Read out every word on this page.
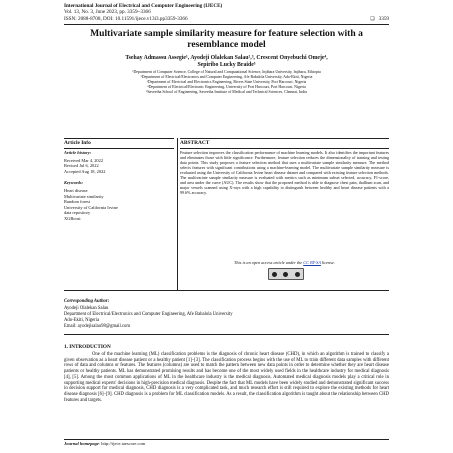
International Journal of Electrical and Computer Engineering (IJECE)
Vol. 13, No. 3, June 2023, pp. 3359~3366
ISSN: 2088-8708, DOI: 10.11591/ijece.v13i3.pp3359-3366	❏ 3359
Multivariate sample similarity measure for feature selection with a resemblance model
Tsehay Admassu Assegie¹, Ayodeji Olalekan Salau²,³, Crescent Onyebuchi Omeje⁴,
Sepiribo Lucky Braide⁵
¹Department of Computer Science, College of Natural and Computational Science, Injibara University, Injibara, Ethiopia
²Department of Electrical/Electronics and Computer Engineering, Afe Babalola University, Ado-Ekiti, Nigeria
³Department of Electrical and Electronics Engineering, Rivers State University, Port Harcourt, Nigeria
⁴Department of Electrical/Electronic Engineering, University of Port Harcourt, Port Harcourt, Nigeria
⁵Saveetha School of Engineering, Saveetha Institute of Medical and Technical Sciences, Chennai, India
Article Info	ABSTRACT
Article history:
Received Mar 4, 2022
Revised Jul 6, 2022
Accepted Aug 18, 2022
Keywords:
Heart disease
Multivariate similarity
Random forest
University of California Irvine
data repository
XGBoost
Feature selection improves the classification performance of machine learning models. It also identifies the important features and eliminates those with little significance. Furthermore, feature selection reduces the dimensionality of training and testing data points. This study proposes a feature selection method that uses a multivariate sample similarity measure. The method selects features with significant contributions using a machine-learning model. The multivariate sample similarity measure is evaluated using the University of California Irvine heart disease dataset and compared with existing feature selection methods. The multivariate sample similarity measure is evaluated with metrics such as minimum subset selected, accuracy, F1-score, and area under the curve (AUC). The results show that the proposed method is able to diagnose chest pain, thallium scan, and major vessels scanned using X-rays with a high capability to distinguish between healthy and heart disease patients with a 99.6% accuracy.
This is an open access article under the CC BY-SA license.
Corresponding Author:
Ayodeji Olalekan Salau
Department of Electrical/Electronics and Computer Engineering, Afe Babalola University
Ado-Ekiti, Nigeria
Email: ayodejisalau98@gmail.com
1. INTRODUCTION
One of the machine learning (ML) classification problems is the diagnosis of chronic heart disease (CHD), in which an algorithm is trained to classify a given observation as a heart disease patient or a healthy patient [1]–[3]. The classification process begins with the use of ML to train different data samples with different rows of data and columns or features. The features (columns) are used to match the pattern between new data points in order to determine whether they are heart disease patients or healthy patients. ML has demonstrated promising results and has become one of the most widely used fields in the healthcare industry for medical diagnosis [4], [5]. Among the most common applications of ML in the healthcare industry is the medical diagnosis. Automated medical diagnosis models play a critical role in supporting medical experts' decisions in high-precision medical diagnosis. Despite the fact that ML models have been widely studied and demonstrated significant success in decision support for medical diagnosis, CHD diagnosis is a very complicated task, and much research effort is still required to explore the existing methods for heart disease diagnosis [6]–[9]. CHD diagnosis is a problem for ML classification models. As a result, the classification algorithm is taught about the relationship between CHD features and targets.
Journal homepage: http://ijece.iaescore.com
